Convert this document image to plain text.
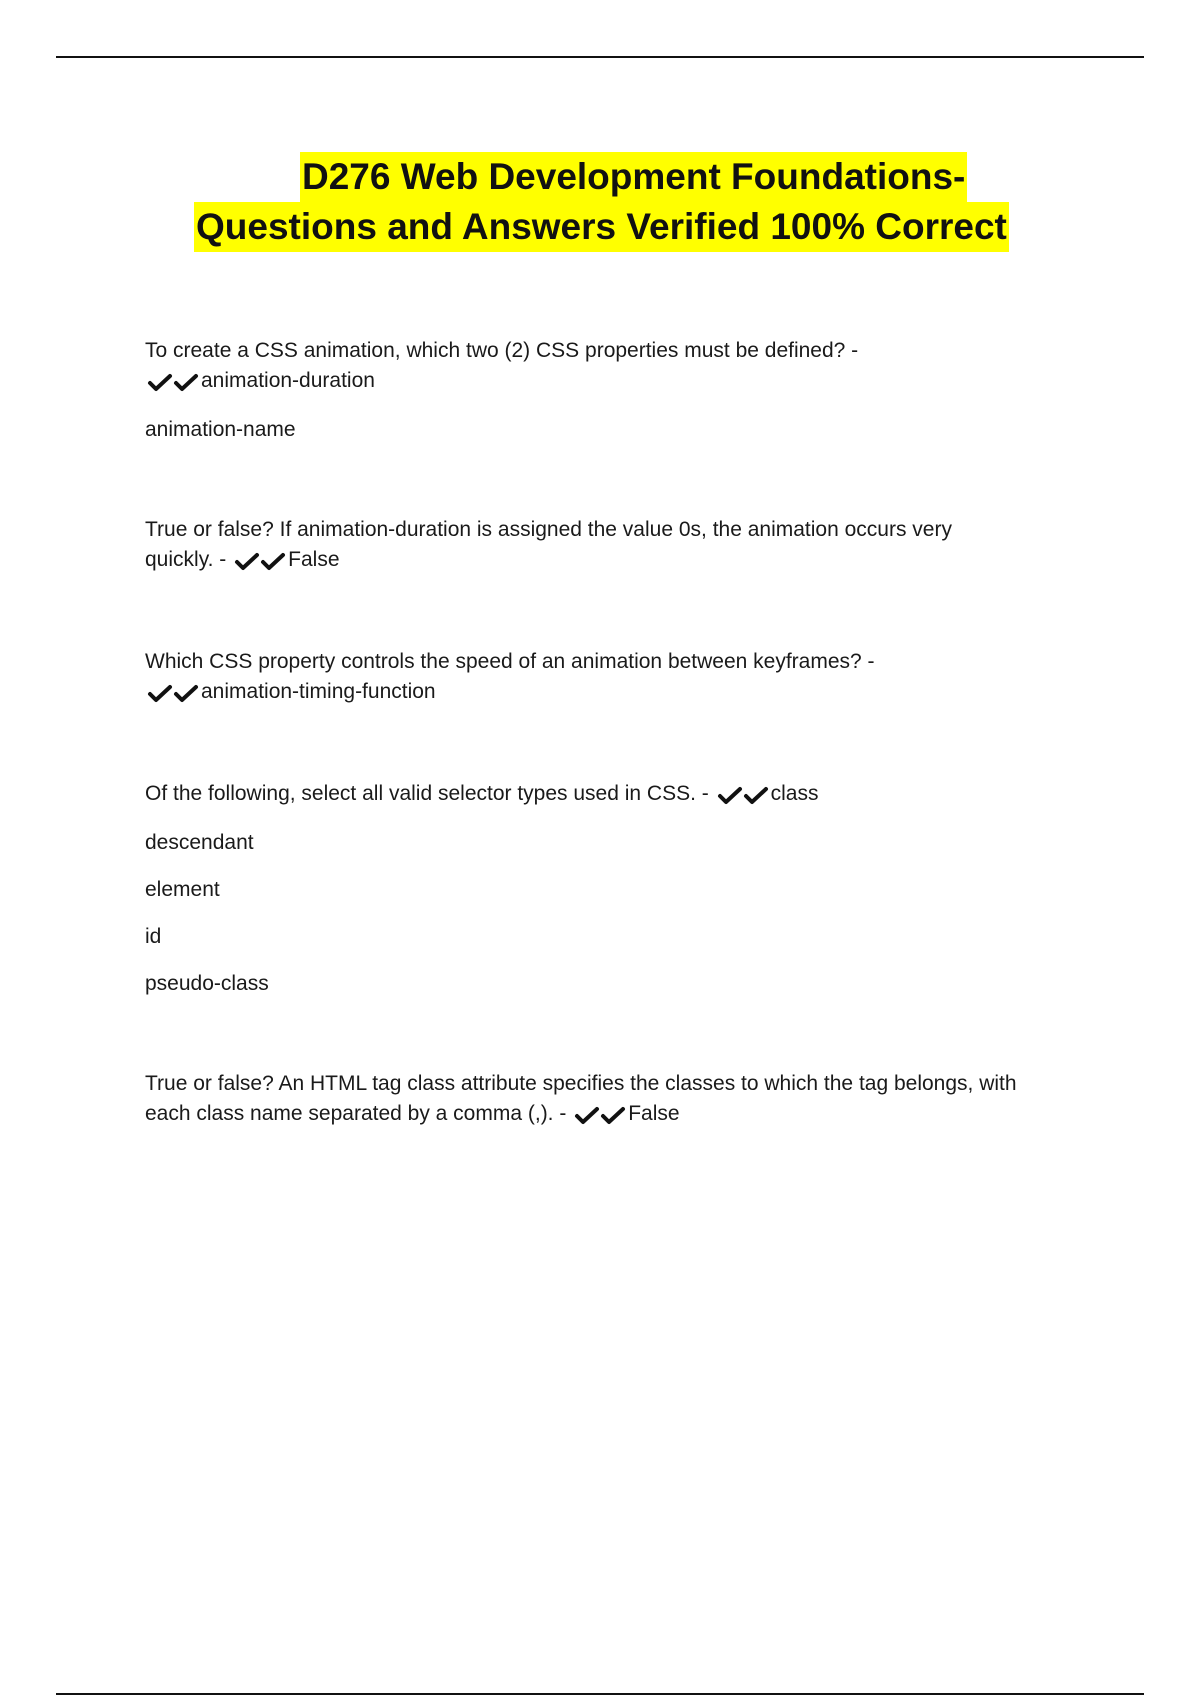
D276 Web Development Foundations-
Questions and Answers Verified 100% Correct
To create a CSS animation, which two (2) CSS properties must be defined? -
animation-duration
animation-name
True or false? If animation-duration is assigned the value 0s, the animation occurs very
quickly. -	False
Which CSS property controls the speed of an animation between keyframes? -
animation-timing-function
Of the following, select all valid selector types used in CSS. -	class
descendant
element
id
pseudo-class
True or false? An HTML tag class attribute specifies the classes to which the tag belongs, with
each class name separated by a comma (,). -	False
